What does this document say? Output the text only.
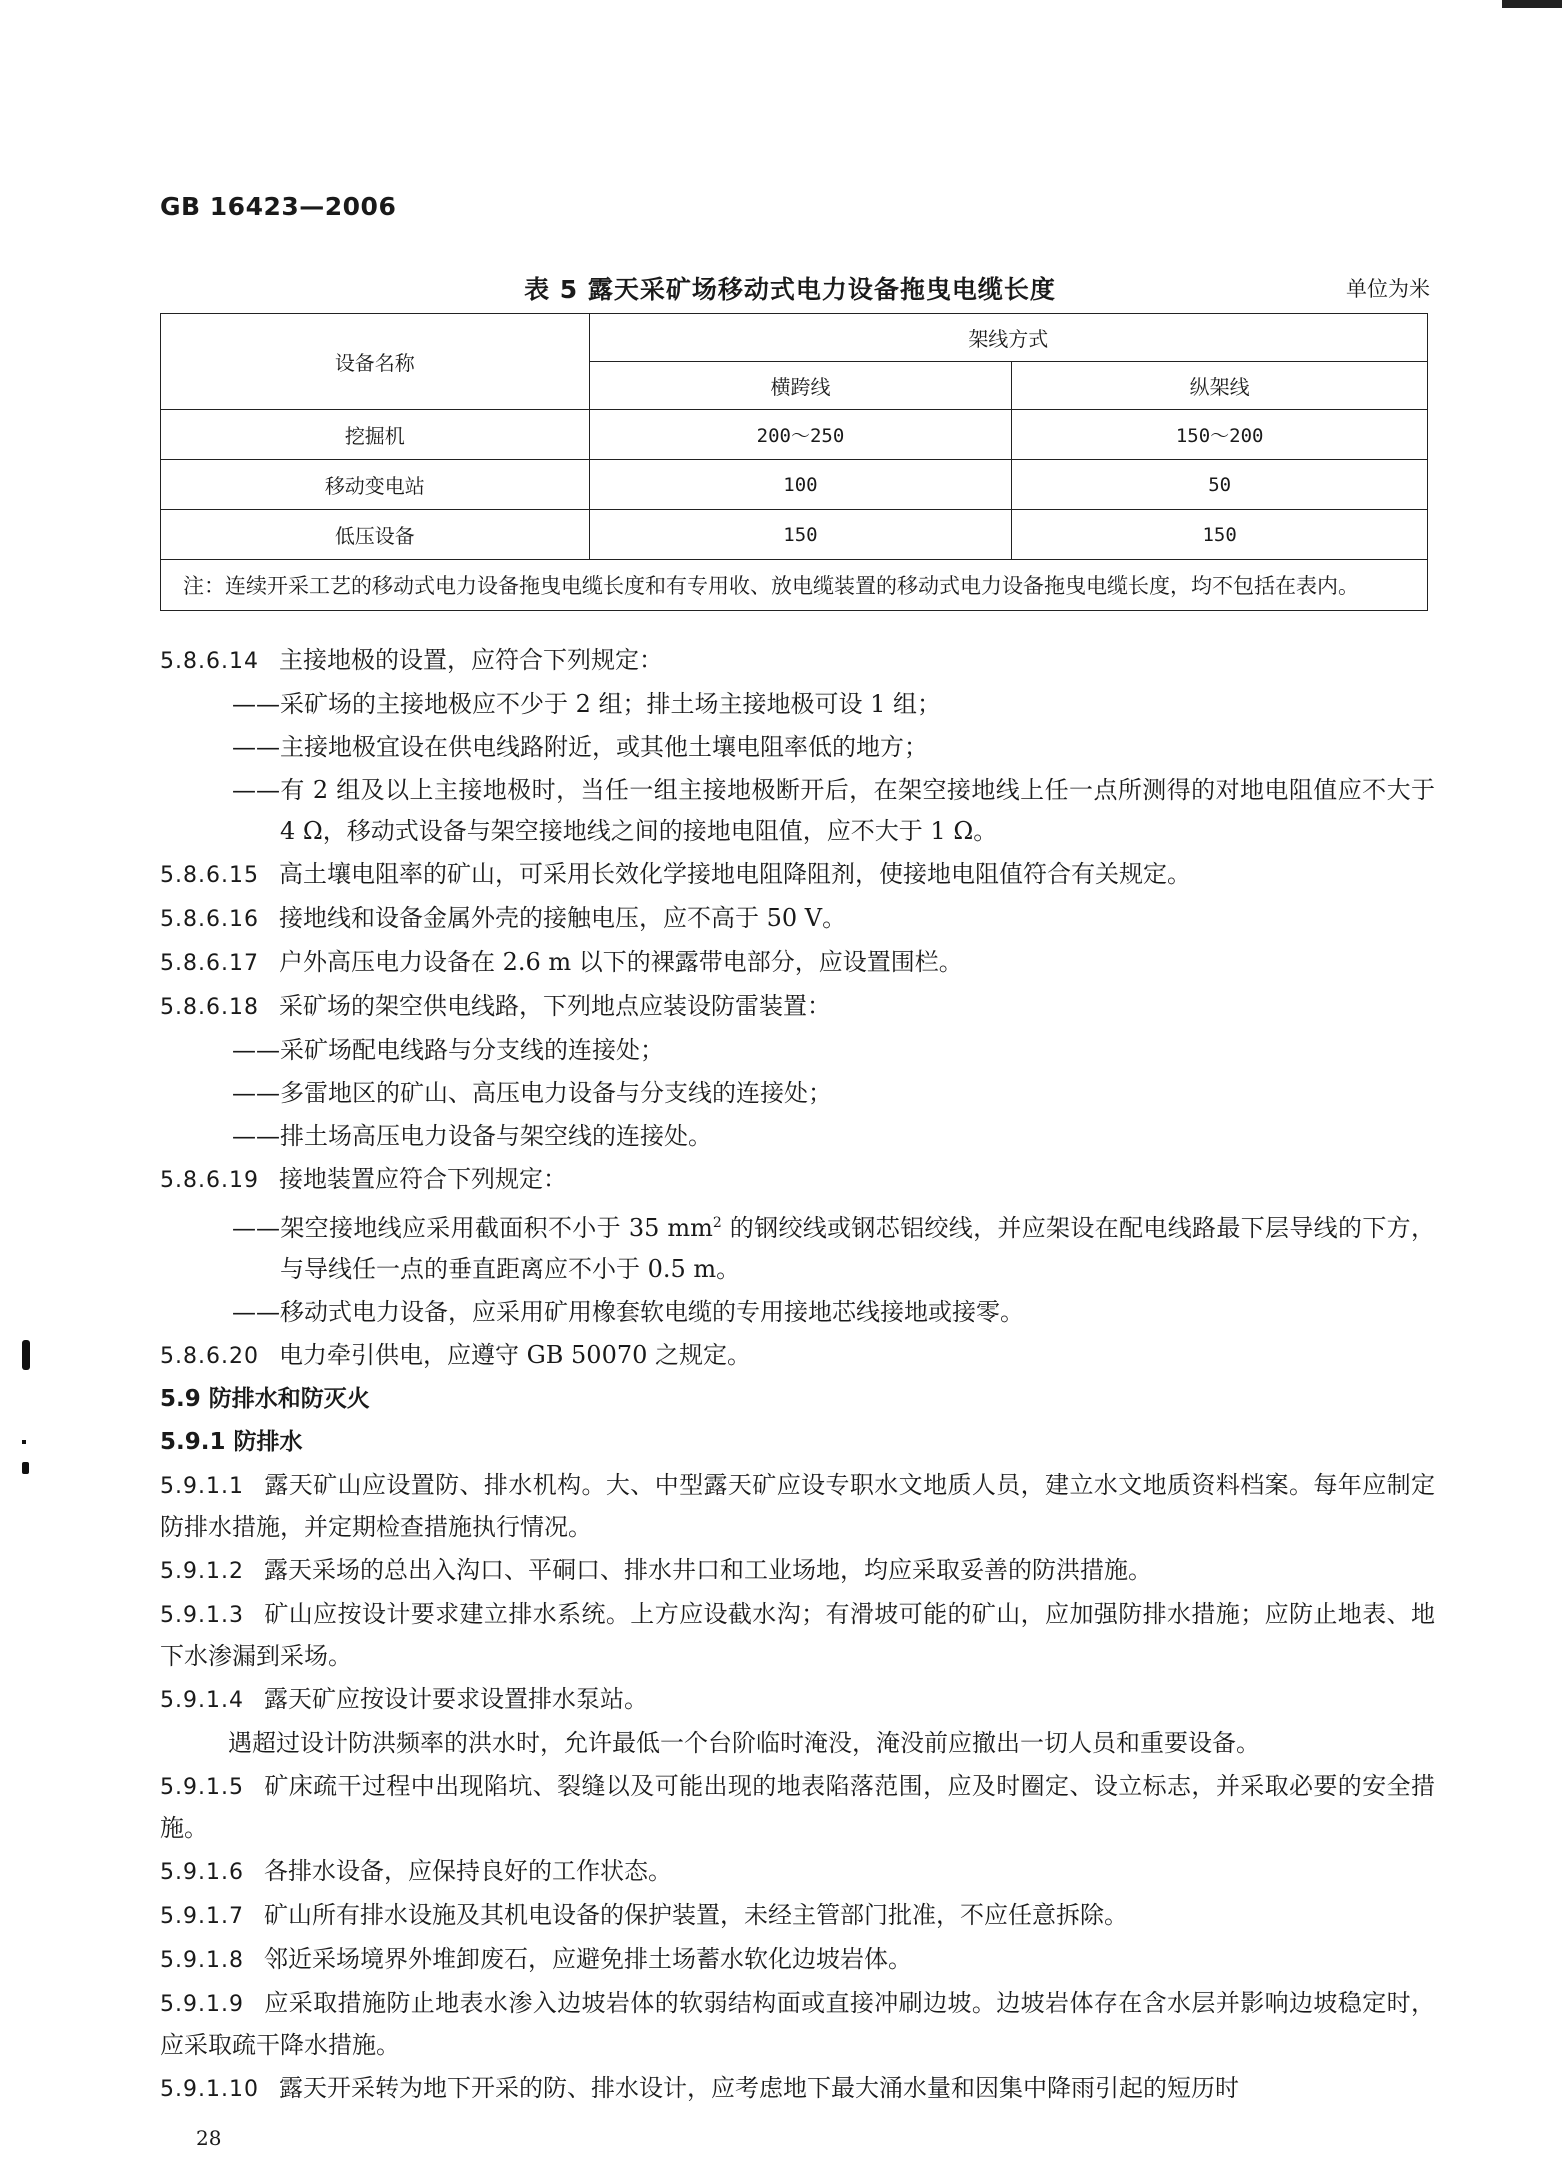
GB 16423—2006
表 5 露天采矿场移动式电力设备拖曳电缆长度	单位为米
设备名称	架线方式	
	横跨线	纵架线
挖掘机	200～250	150～200
移动变电站	100	50
低压设备	150	150
注：连续开采工艺的移动式电力设备拖曳电缆长度和有专用收、放电缆装置的移动式电力设备拖曳电缆长度，均不包括在表内。		

5.8.6.14 主接地极的设置，应符合下列规定：

——采矿场的主接地极应不少于 2 组；排土场主接地极可设 1 组；

——主接地极宜设在供电线路附近，或其他土壤电阻率低的地方；

——有 2 组及以上主接地极时，当任一组主接地极断开后，在架空接地线上任一点所测得的对地电阻值应不大于 4 Ω，移动式设备与架空接地线之间的接地电阻值，应不大于 1 Ω。

5.8.6.15 高土壤电阻率的矿山，可采用长效化学接地电阻降阻剂，使接地电阻值符合有关规定。

5.8.6.16 接地线和设备金属外壳的接触电压，应不高于 50 V。

5.8.6.17 户外高压电力设备在 2.6 m 以下的裸露带电部分，应设置围栏。

5.8.6.18 采矿场的架空供电线路，下列地点应装设防雷装置：

——采矿场配电线路与分支线的连接处；

——多雷地区的矿山、高压电力设备与分支线的连接处；

——排土场高压电力设备与架空线的连接处。

5.8.6.19 接地装置应符合下列规定：

——架空接地线应采用截面积不小于 35 $mm^2$ 的钢绞线或钢芯铝绞线，并应架设在配电线路最下层导线的下方，与导线任一点的垂直距离应不小于 0.5 m。

——移动式电力设备，应采用矿用橡套软电缆的专用接地芯线接地或接零。

5.8.6.20 电力牵引供电，应遵守 GB 50070 之规定。

5.9 防排水和防灭火

5.9.1 防排水

5.9.1.1 露天矿山应设置防、排水机构。大、中型露天矿应设专职水文地质人员，建立水文地质资料档案。每年应制定防排水措施，并定期检查措施执行情况。

5.9.1.2 露天采场的总出入沟口、平硐口、排水井口和工业场地，均应采取妥善的防洪措施。

5.9.1.3 矿山应按设计要求建立排水系统。上方应设截水沟；有滑坡可能的矿山，应加强防排水措施；应防止地表、地下水渗漏到采场。

5.9.1.4 露天矿应按设计要求设置排水泵站。

遇超过设计防洪频率的洪水时，允许最低一个台阶临时淹没，淹没前应撤出一切人员和重要设备。

5.9.1.5 矿床疏干过程中出现陷坑、裂缝以及可能出现的地表陷落范围，应及时圈定、设立标志，并采取必要的安全措施。

5.9.1.6 各排水设备，应保持良好的工作状态。

5.9.1.7 矿山所有排水设施及其机电设备的保护装置，未经主管部门批准，不应任意拆除。

5.9.1.8 邻近采场境界外堆卸废石，应避免排土场蓄水软化边坡岩体。

5.9.1.9 应采取措施防止地表水渗入边坡岩体的软弱结构面或直接冲刷边坡。边坡岩体存在含水层并影响边坡稳定时，应采取疏干降水措施。

5.9.1.10 露天开采转为地下开采的防、排水设计，应考虑地下最大涌水量和因集中降雨引起的短历时

28
